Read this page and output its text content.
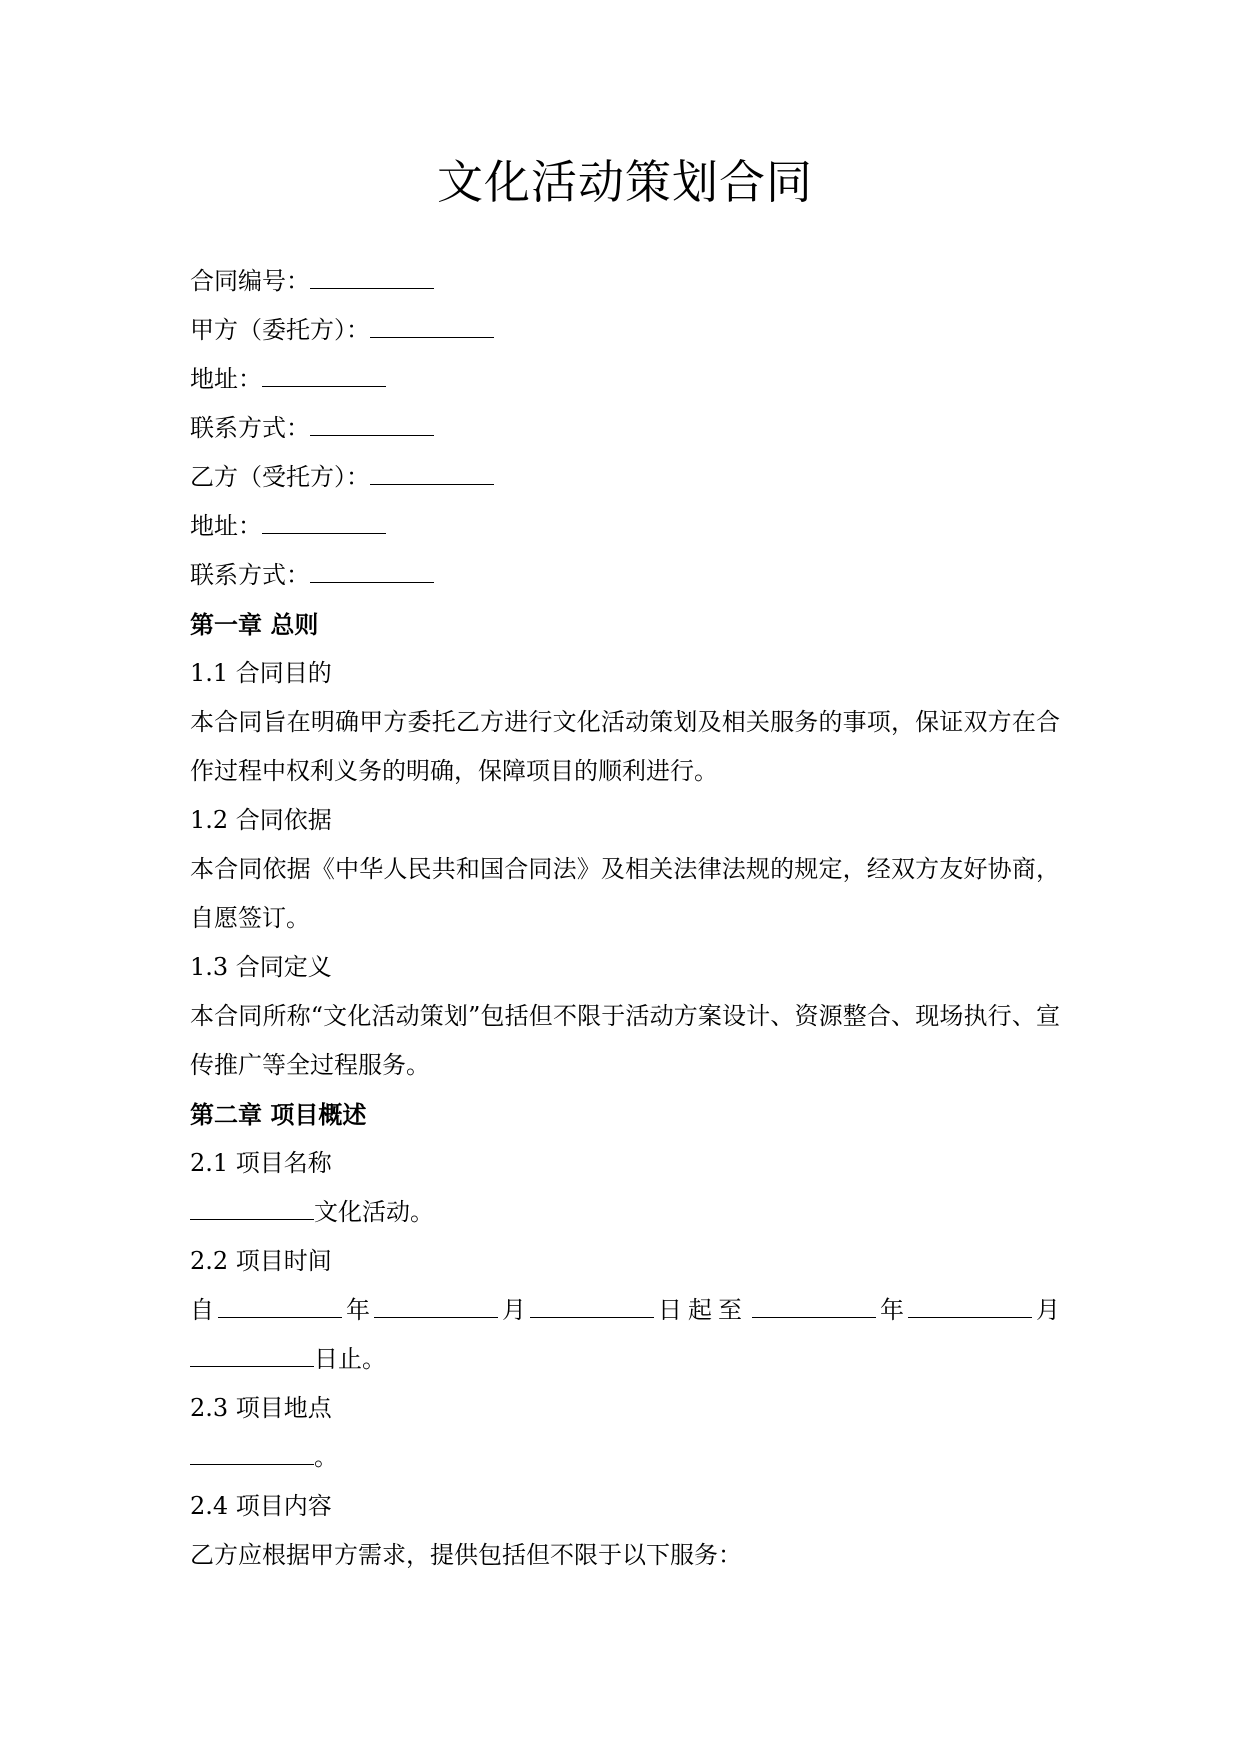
文化活动策划合同
合同编号：
甲方（委托方）：
地址：
联系方式：
乙方（受托方）：
地址：
联系方式：
第一章 总则
1.1 合同目的
本合同旨在明确甲方委托乙方进行文化活动策划及相关服务的事项，保证双方在合作过程中权利义务的明确，保障项目的顺利进行。
1.2 合同依据
本合同依据《中华人民共和国合同法》及相关法律法规的规定，经双方友好协商，自愿签订。
1.3 合同定义
本合同所称“文化活动策划”包括但不限于活动方案设计、资源整合、现场执行、宣传推广等全过程服务。
第二章 项目概述
2.1 项目名称
文化活动。
2.2 项目时间
自	年	月	日起至	年	月
日止。
2.3 项目地点
。
2.4 项目内容
乙方应根据甲方需求，提供包括但不限于以下服务：
